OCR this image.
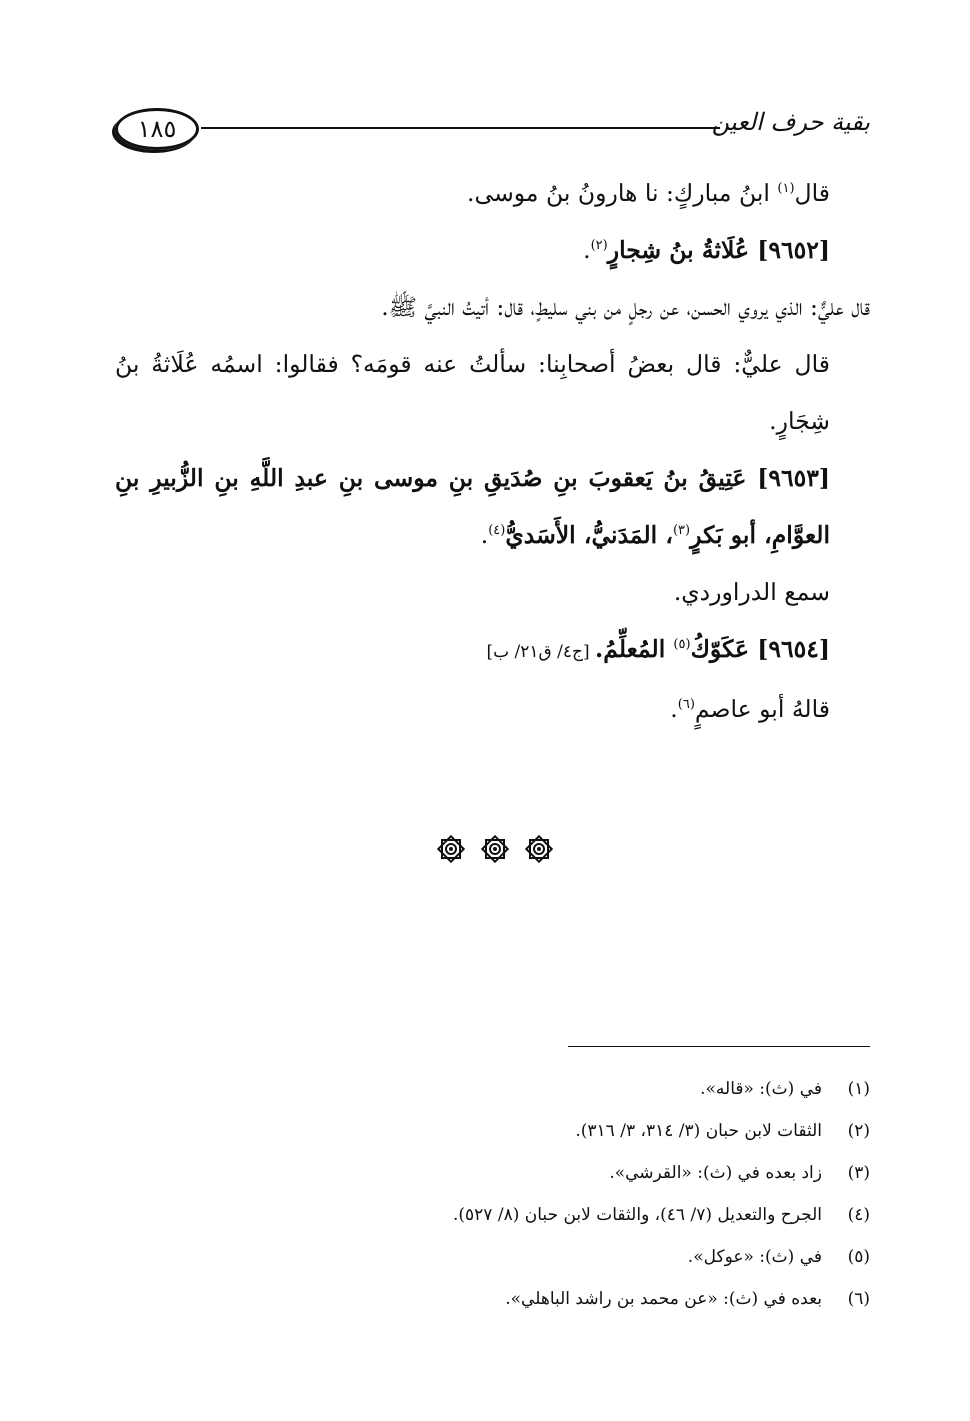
١٨٥	بقية حرف العين

قال$^{(١)}$ ابنُ مباركٍ: نا هارونُ بنُ موسى.

[٩٦٥٢] عُلَاثةُ بنُ شِجارٍ$^{(٢)}$.

قال عليٌّ: الذي يروي الحسن، عن رجلٍ من بني سليطٍ، قال: أتيتُ النبيَّ ﷺ.

قال عليٌّ: قال بعضُ أصحابِنا: سألتُ عنه قومَه؟ فقالوا: اسمُه عُلَاثةُ بنُ شِجَارٍ.

[٩٦٥٣] عَتِيقُ بنُ يَعقوبَ بنِ صُدَيقِ بنِ موسى بنِ عبدِ اللَّهِ بنِ الزُّبيرِ بنِ العوَّامِ، أبو بَكرٍ$^{(٣)}$، المَدَنيُّ، الأَسَديُّ$^{(٤)}$.

سمع الدراوردي.

[٩٦٥٤] عَكَوّكُ$^{(٥)}$ المُعلِّمُ. [ج٤/ ق٢١/ ب]

قالهُ أبو عاصمٍ$^{(٦)}$.

(١)
في (ث): «قاله».
(٢)
الثقات لابن حبان (٣/ ٣١٤، ٣/ ٣١٦).
(٣)
زاد بعده في (ث): «القرشي».
(٤)
الجرح والتعديل (٧/ ٤٦)، والثقات لابن حبان (٨/ ٥٢٧).
(٥)
في (ث): «عوكل».
(٦)
بعده في (ث): «عن محمد بن راشد الباهلي».
